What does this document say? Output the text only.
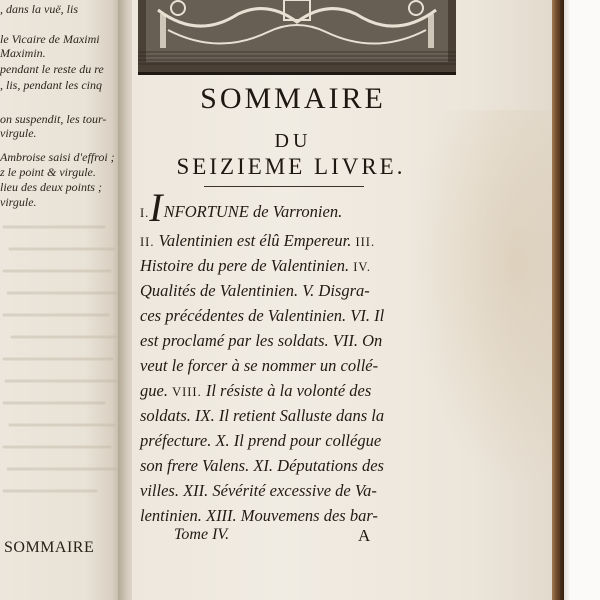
, dans la vuë, lis
le Vicaire de Maximi
Maximin.
pendant le reste du re
, lis, pendant les cinq
on suspendit, les tour-
virgule.
Ambroise saisi d'effroi ;
z le point & virgule.
lieu des deux points ;
virgule.
SOMMAIRE
SOMMAIRE
DU
SEIZIEME LIVRE.
I.INFORTUNE de Varronien.
II. Valentinien est élû Empereur. III.
Histoire du pere de Valentinien. IV.
Qualités de Valentinien. V. Disgra-
ces précédentes de Valentinien. VI. Il
est proclamé par les soldats. VII. On
veut le forcer à se nommer un collé-
gue. VIII. Il résiste à la volonté des
soldats. IX. Il retient Salluste dans la
préfecture. X. Il prend pour collégue
son frere Valens. XI. Députations des
villes. XII. Sévérité excessive de Va-
lentinien. XIII. Mouvemens des bar-
Tome IV.	A
